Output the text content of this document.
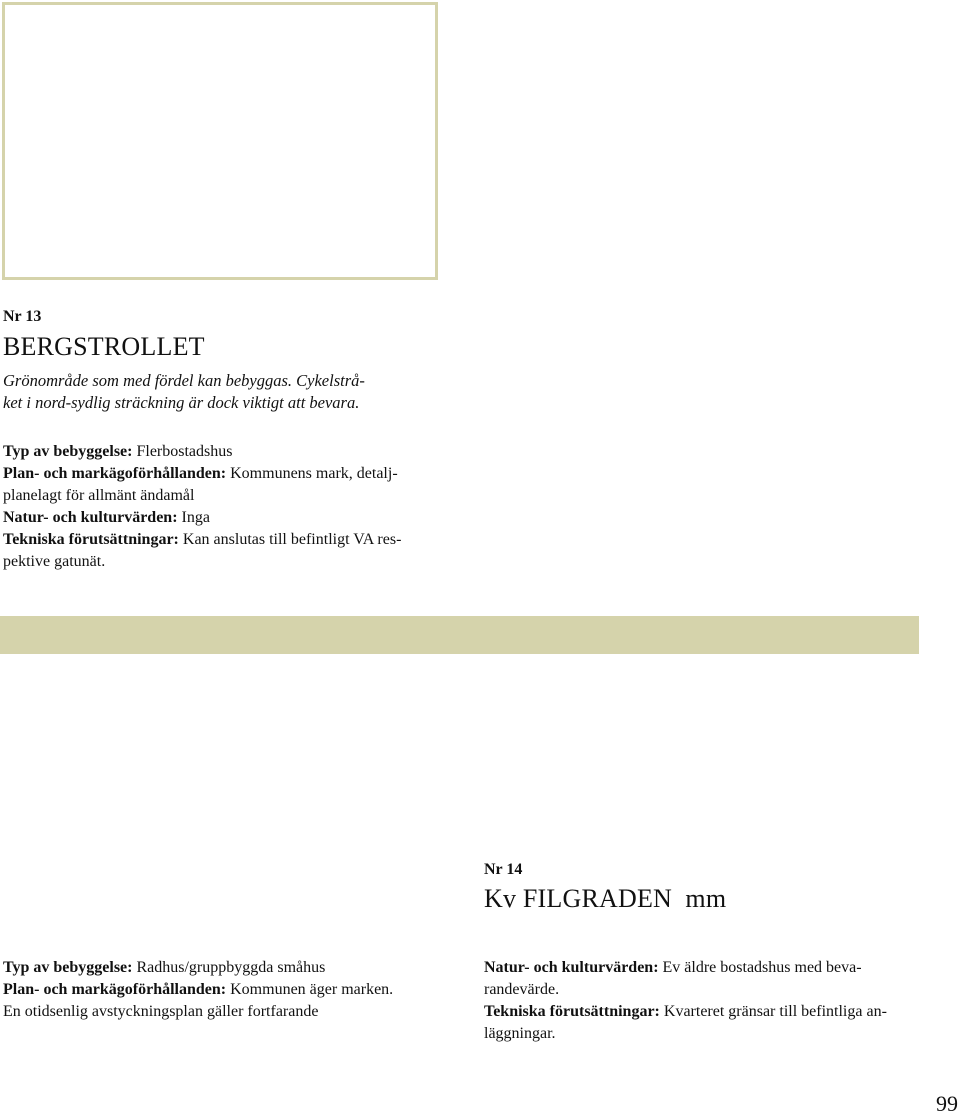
Nr 13
BERGSTROLLET
Grönområde som med fördel kan bebyggas. Cykelstrå-
ket i nord-sydlig sträckning är dock viktigt att bevara.

Typ av bebyggelse: Flerbostadshus

Plan- och markägoförhållanden: Kommunens mark, detalj-

planelagt för allmänt ändamål

Natur- och kulturvärden: Inga

Tekniska förutsättningar: Kan anslutas till befintligt VA res-

pektive gatunät.

Nr 14
Kv FILGRADEN  mm

Typ av bebyggelse: Radhus/gruppbyggda småhus

Plan- och markägoförhållanden: Kommunen äger marken.

En otidsenlig avstyckningsplan gäller fortfarande

Natur- och kulturvärden: Ev äldre bostadshus med beva-

randevärde.

Tekniska förutsättningar: Kvarteret gränsar till befintliga an-

läggningar.

99
